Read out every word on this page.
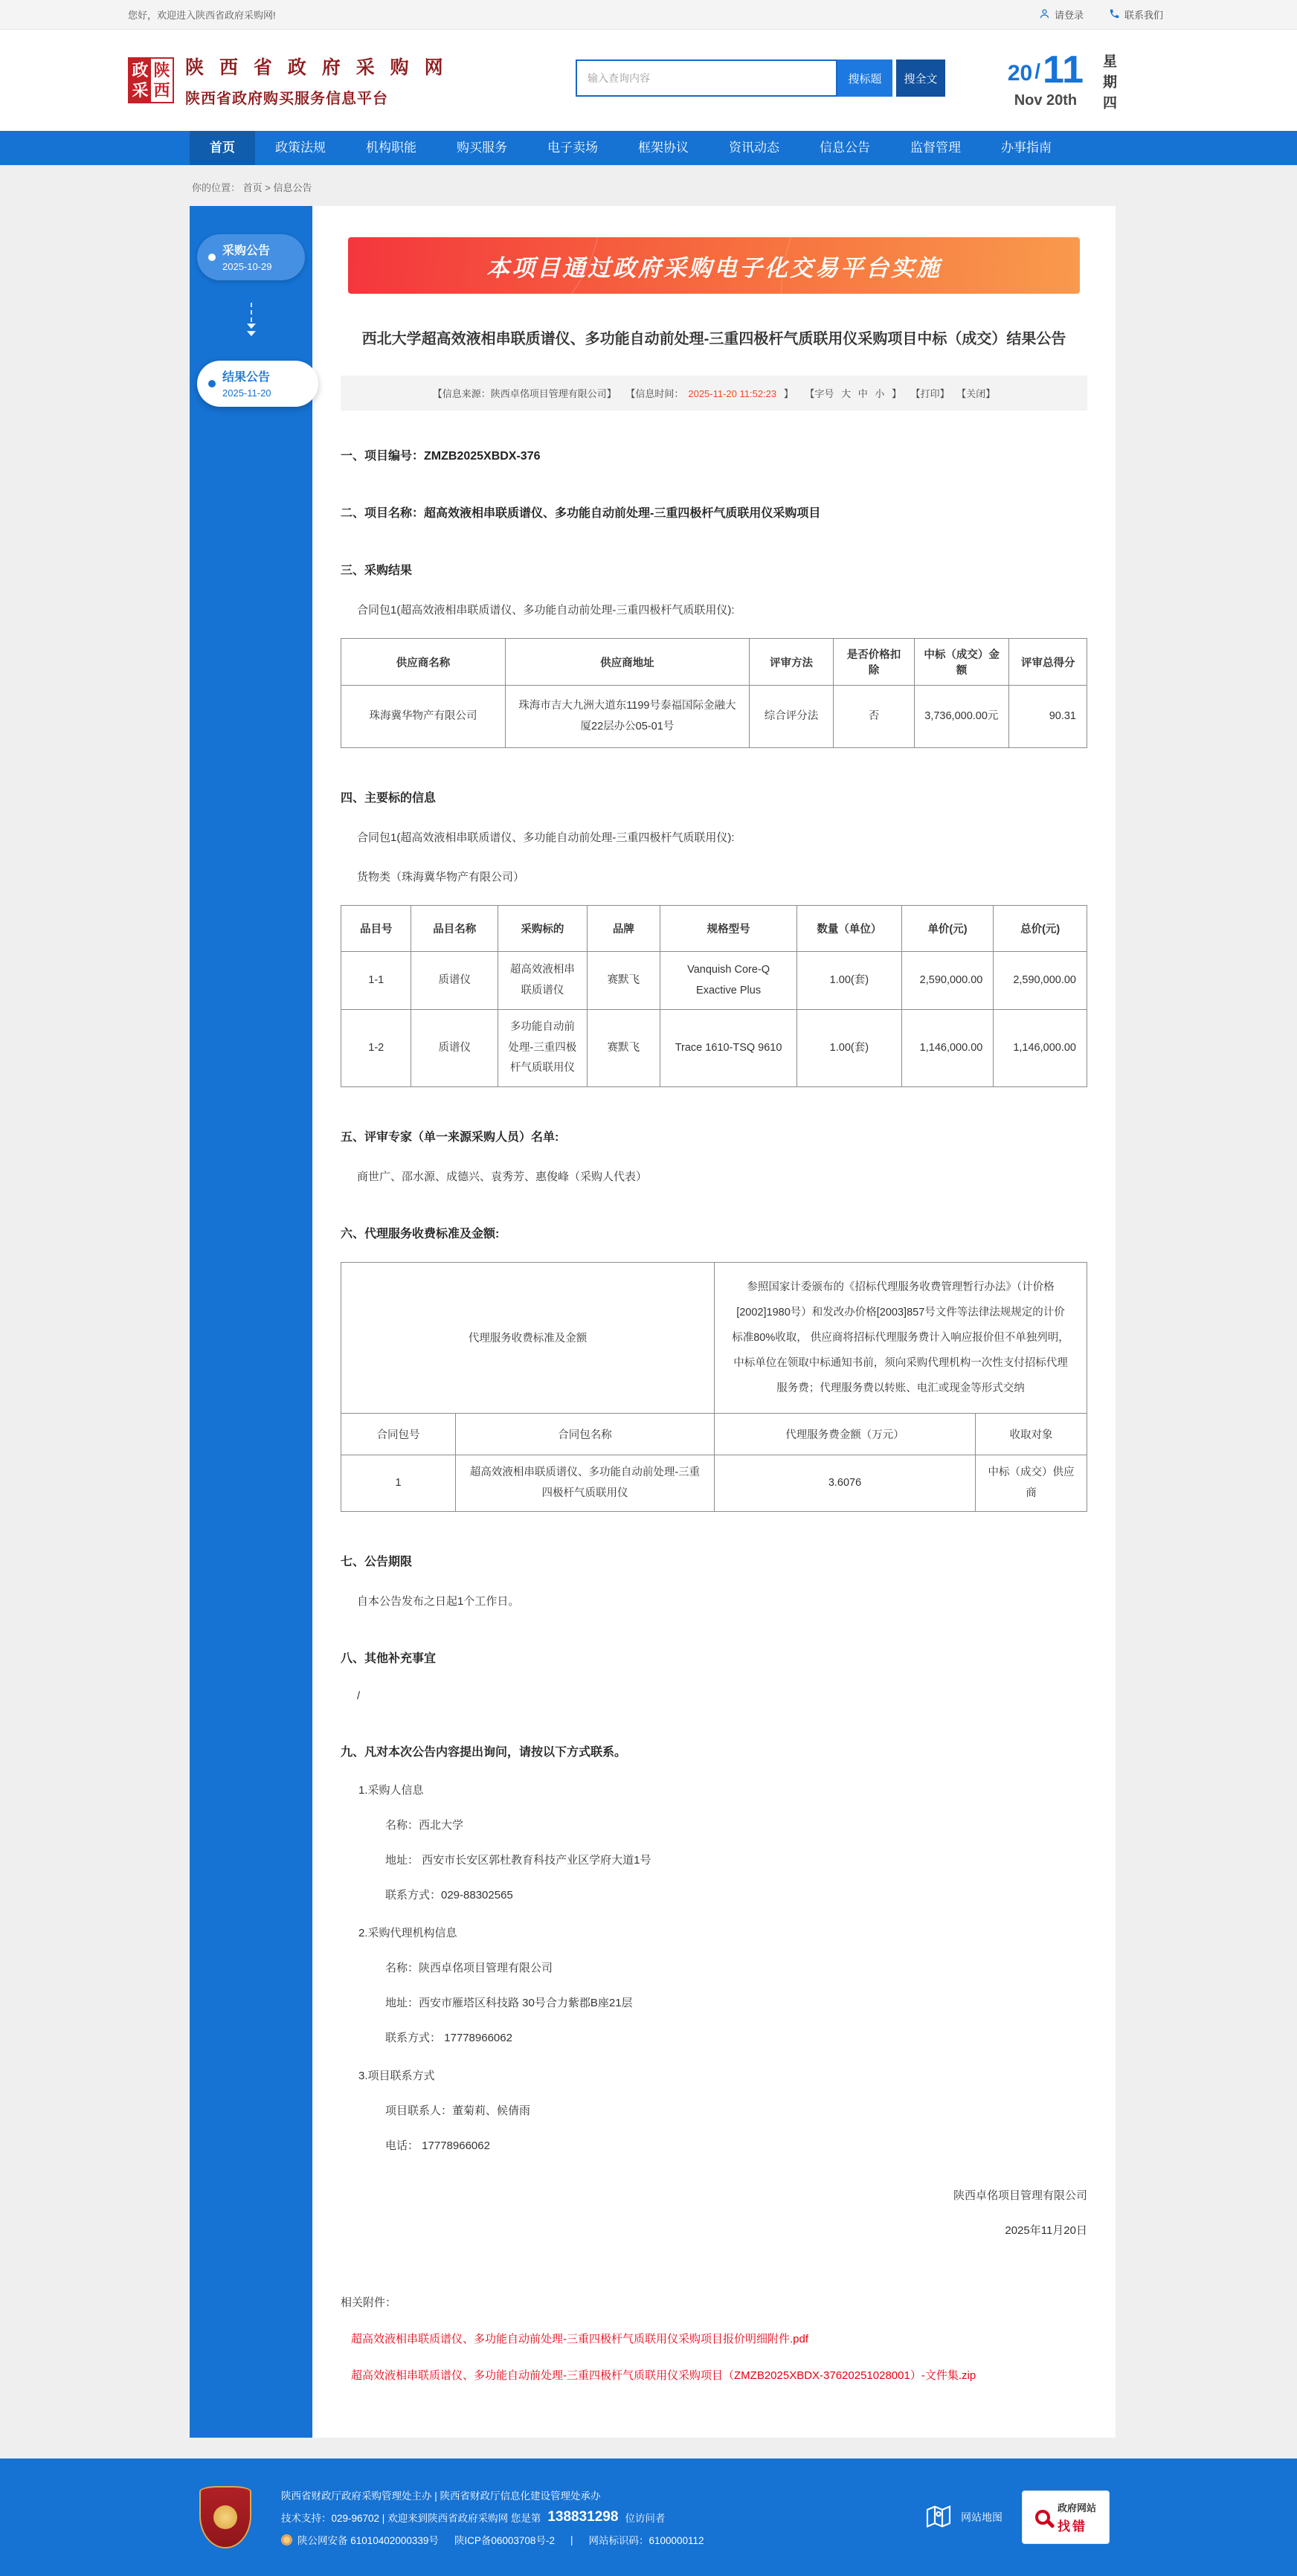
您好，欢迎进入陕西省政府采购网!	请登录	联系我们
政
采
陕
西
陕 西 省 政 府 采 购 网
陕西省政府购买服务信息平台
输入查询内容
搜标题	搜全文	20 / 11
Nov 20th	星期四
首页	政策法规	机构职能	购买服务	电子卖场	框架协议	资讯动态	信息公告	监督管理	办事指南
你的位置： 首页 > 信息公告
采购公告
2025-10-29
▼
▼
结果公告
2025-11-20
本项目通过政府采购电子化交易平台实施
西北大学超高效液相串联质谱仪、多功能自动前处理-三重四极杆气质联用仪采购项目中标（成交）结果公告
【信息来源：陕西卓佲项目管理有限公司】 【信息时间： 2025-11-20 11:52:23 】 【字号 大 中 小 】 【打印】 【关闭】
一、项目编号：ZMZB2025XBDX-376
二、项目名称：超高效液相串联质谱仪、多功能自动前处理-三重四极杆气质联用仪采购项目
三、采购结果
合同包1(超高效液相串联质谱仪、多功能自动前处理-三重四极杆气质联用仪):
供应商名称	供应商地址	评审方法	是否价格扣除	中标（成交）金额	评审总得分
珠海冀华物产有限公司	珠海市吉大九洲大道东1199号泰福国际金融大厦22层办公05-01号	综合评分法	否	3,736,000.00元	90.31
四、主要标的信息
合同包1(超高效液相串联质谱仪、多功能自动前处理-三重四极杆气质联用仪):
货物类（珠海冀华物产有限公司）
品目号	品目名称	采购标的	品牌	规格型号	数量（单位）	单价(元)	总价(元)
1-1	质谱仪	超高效液相串联质谱仪	赛默飞	Vanquish Core-Q Exactive Plus	1.00(套)	2,590,000.00	2,590,000.00
1-2	质谱仪	多功能自动前处理-三重四极杆气质联用仪	赛默飞	Trace 1610-TSQ 9610	1.00(套)	1,146,000.00	1,146,000.00
五、评审专家（单一来源采购人员）名单:
商世广、邵水源、成德兴、袁秀芳、惠俊峰（采购人代表）
六、代理服务收费标准及金额:
代理服务收费标准及金额		参照国家计委颁布的《招标代理服务收费管理暂行办法》（计价格[2002]1980号）和发改办价格[2003]857号文件等法律法规规定的计价标准80%收取， 供应商将招标代理服务费计入响应报价但不单独列明，中标单位在领取中标通知书前，须向采购代理机构一次性支付招标代理服务费；代理服务费以转账、电汇或现金等形式交纳	
合同包号	合同包名称	代理服务费金额（万元）	收取对象
1	超高效液相串联质谱仪、多功能自动前处理-三重四极杆气质联用仪	3.6076	中标（成交）供应商
七、公告期限
自本公告发布之日起1个工作日。
八、其他补充事宜
/
九、凡对本次公告内容提出询问，请按以下方式联系。
1.采购人信息
名称：西北大学
地址： 西安市长安区郭杜教育科技产业区学府大道1号
联系方式：029-88302565
2.采购代理机构信息
名称：陕西卓佲项目管理有限公司
地址：西安市雁塔区科技路 30号合力紫郡B座21层
联系方式： 17778966062
3.项目联系方式
项目联系人：董菊莉、候倩雨
电话： 17778966062
陕西卓佲项目管理有限公司
2025年11月20日
相关附件：
超高效液相串联质谱仪、多功能自动前处理-三重四极杆气质联用仪采购项目报价明细附件.pdf
超高效液相串联质谱仪、多功能自动前处理-三重四极杆气质联用仪采购项目（ZMZB2025XBDX-37620251028001）-文件集.zip
陕西省财政厅政府采购管理处主办 | 陕西省财政厅信息化建设管理处承办
技术支持：029-96702 | 欢迎来到陕西省政府采购网 您是第 138831298 位访问者
陕公网安备 61010402000339号 陕ICP备06003708号-2 | 网站标识码：6100000112
网站地图
政府网站
找错
